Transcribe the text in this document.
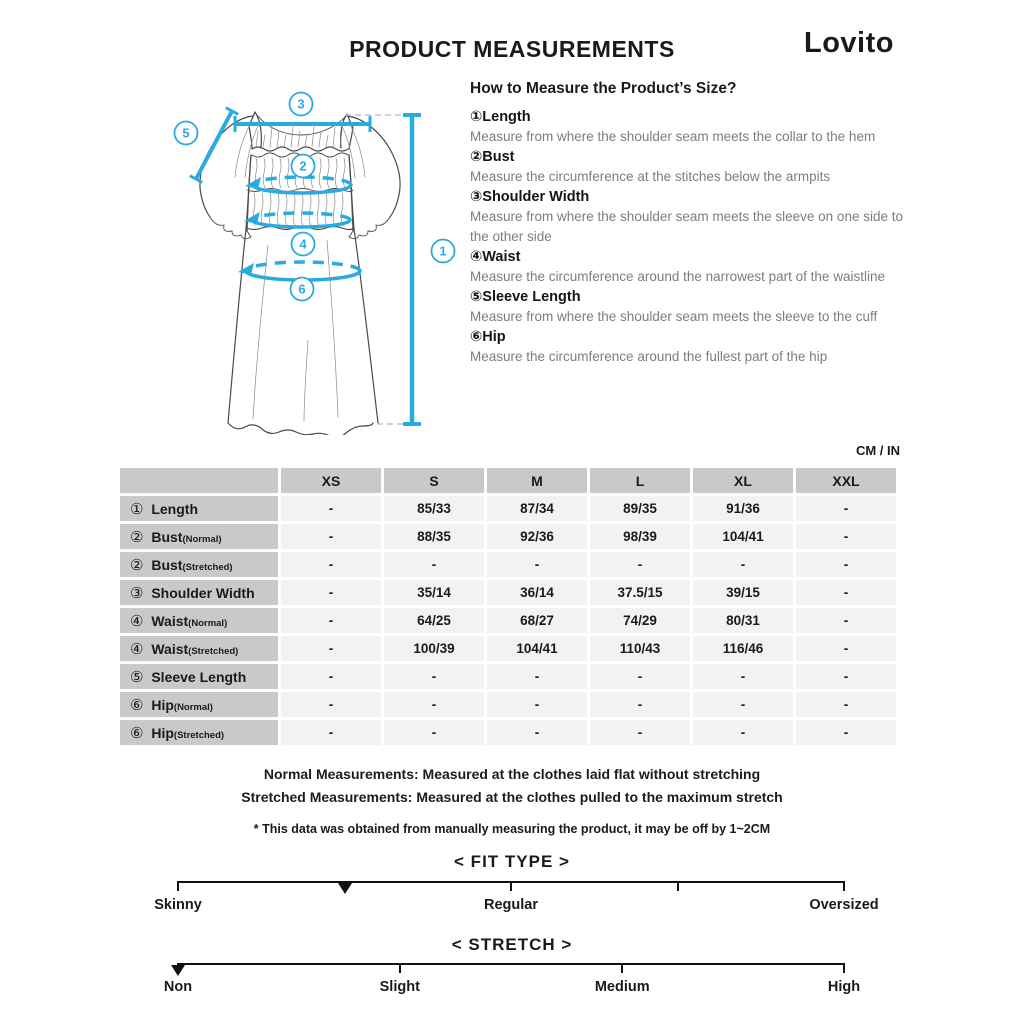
PRODUCT MEASUREMENTS	Lovito
1
2
3
4
5
6
How to Measure the Product’s Size?
①Length

Measure from where the shoulder seam meets the collar to the hem

②Bust

Measure the circumference at the stitches below the armpits

③Shoulder Width

Measure from where the shoulder seam meets the sleeve on one side to the other side

④Waist

Measure the circumference around the narrowest part of the waistline

⑤Sleeve Length

Measure from where the shoulder seam meets the sleeve to the cuff

⑥Hip

Measure the circumference around the fullest part of the hip

CM / IN
	XS	S	M	L	XL	XXL
① Length	-	85/33	87/34	89/35	91/36	-
② Bust(Normal)	-	88/35	92/36	98/39	104/41	-
② Bust(Stretched)	-	-	-	-	-	-
③ Shoulder Width	-	35/14	36/14	37.5/15	39/15	-
④ Waist(Normal)	-	64/25	68/27	74/29	80/31	-
④ Waist(Stretched)	-	100/39	104/41	110/43	116/46	-
⑤ Sleeve Length	-	-	-	-	-	-
⑥ Hip(Normal)	-	-	-	-	-	-
⑥ Hip(Stretched)	-	-	-	-	-	-
Normal Measurements: Measured at the clothes laid flat without stretching
Stretched Measurements: Measured at the clothes pulled to the maximum stretch
* This data was obtained from manually measuring the product, it may be off by 1~2CM
< FIT TYPE >
Skinny	Regular	Oversized
< STRETCH >
Non	Slight	Medium	High
